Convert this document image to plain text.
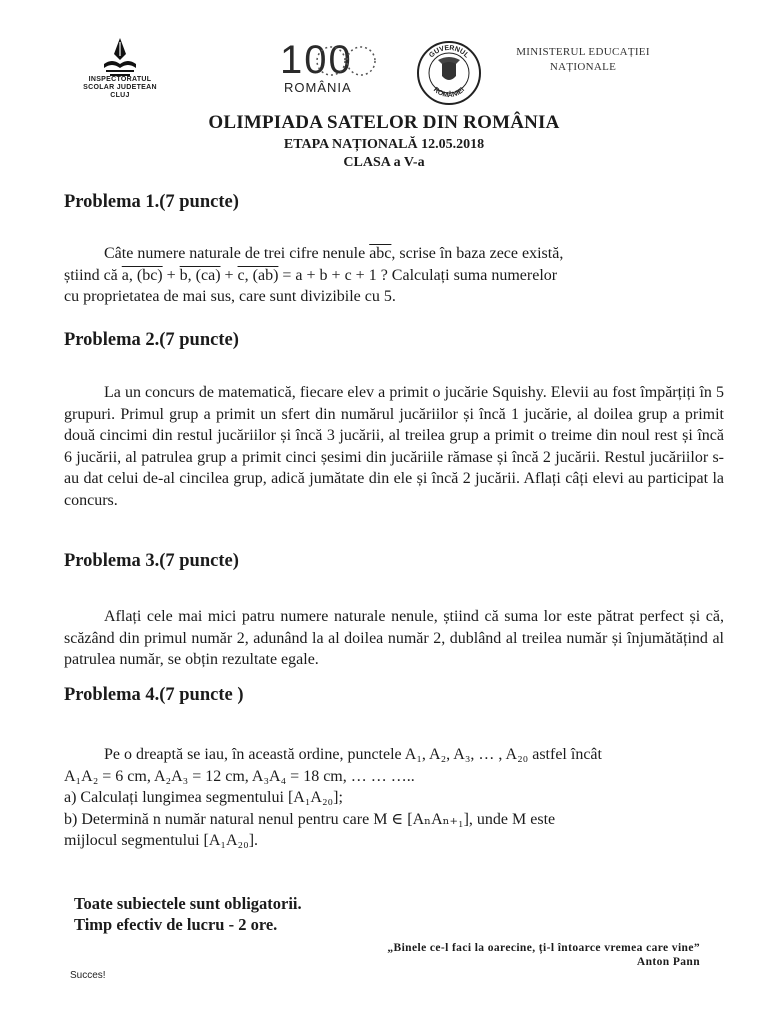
INSPECTORATUL
SCOLAR JUDETEAN
CLUJ
100
ROMÂNIA
GUVERNUL
ROMÂNIEI
MINISTERUL EDUCAȚIEI
NAȚIONALE
OLIMPIADA SATELOR DIN ROMÂNIA
ETAPA NAȚIONALĂ 12.05.2018
CLASA a V-a
Problema 1.(7 puncte)
Câte numere naturale de trei cifre nenule $\overline{abc}$, scrise în baza zece există,
știind că a, (bc) + b, (ca) + c, (ab) = a + b + c + 1 ? Calculați suma numerelor
cu proprietatea de mai sus, care sunt divizibile cu 5.
Problema 2.(7 puncte)

La un concurs de matematică, fiecare elev a primit o jucărie Squishy. Elevii au fost împărțiți în 5 grupuri. Primul grup a primit un sfert din numărul jucăriilor și încă 1 jucărie, al doilea grup a primit două cincimi din restul jucăriilor și încă 3 jucării, al treilea grup a primit o treime din noul rest și încă 6 jucării, al patrulea grup a primit cinci șesimi din jucăriile rămase și încă 2 jucării. Restul jucăriilor s-au dat celui de-al cincilea grup, adică jumătate din ele și încă 2 jucării. Aflați câți elevi au participat la concurs.

Problema 3.(7 puncte)

Aflați cele mai mici patru numere naturale nenule, știind că suma lor este pătrat perfect și că, scăzând din primul număr 2, adunând la al doilea număr 2, dublând al treilea număr și înjumătățind al patrulea număr, se obțin rezultate egale.

Problema 4.(7 puncte )
Pe o dreaptă se iau, în această ordine, punctele A₁, A₂, A₃, … , A₂₀ astfel încât
A₁A₂ = 6 cm, A₂A₃ = 12 cm, A₃A₄ = 18 cm, … … …..
a) Calculați lungimea segmentului [A₁A₂₀];
b) Determină n număr natural nenul pentru care M ∈ [AₙAₙ₊₁], unde M este
mijlocul segmentului [A₁A₂₀].
Toate subiectele sunt obligatorii.
Timp efectiv de lucru - 2 ore.
„Binele ce-l faci la oarecine, ți-l întoarce vremea care vine”
Anton Pann
Succes!
